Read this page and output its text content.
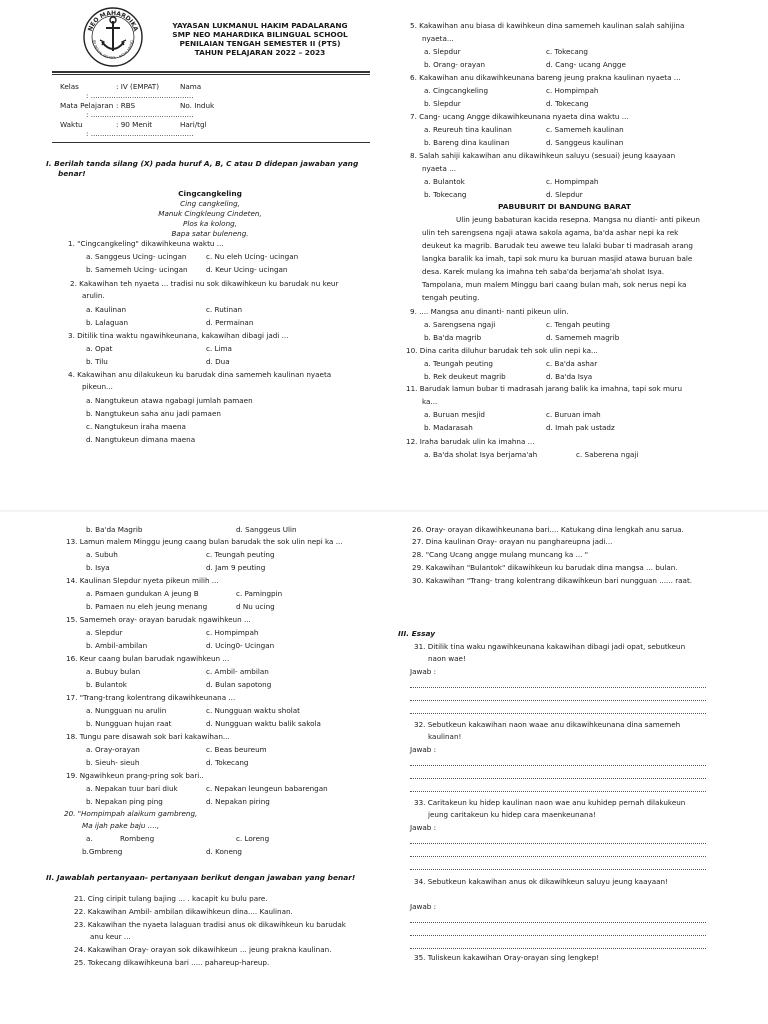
NEO MAHARDIKA
BILINGUAL SCHOOL · PADALARANG
YAYASAN LUKMANUL HAKIM PADALARANG
SMP NEO MAHARDIKA BILINGUAL SCHOOL
PENILAIAN TENGAH SEMESTER II (PTS)
TAHUN PELAJARAN 2022 – 2023
Kelas	: IV (EMPAT)	Nama
: .............................................
Mata Pelajaran : RBS	No. Induk
: .............................................
Waktu	: 90 Menit	Hari/tgl
: .............................................
I. Berilah tanda silang (X) pada huruf A, B, C atau D didepan jawaban yang
benar!
Cingcangkeling
Cing cangkeling,
Manuk Cingkleung Cindeten,
Plos ka kolong,
Bapa satar buleneng.
1. "Cingcangkeling" dikawihkeuna waktu ...
a. Sanggeus Ucing- ucingan	c. Nu eleh Ucing- ucingan
b. Samemeh Ucing- ucingan	d. Keur Ucing- ucingan
2. Kakawihan teh nyaeta ... tradisi nu sok dikawihkeun ku barudak nu keur
arulin.
a. Kaulinan	c. Rutinan
b. Lalaguan	d. Permainan
3. Ditilik tina waktu ngawihkeunana, kakawihan dibagi jadi ...
a. Opat	c. Lima
b. Tilu	d. Dua
4. Kakawihan anu dilakukeun ku barudak dina samemeh kaulinan nyaeta
pikeun...
a. Nangtukeun atawa ngabagi jumlah pamaen
b. Nangtukeun saha anu jadi pamaen
c. Nangtukeun iraha maena
d. Nangtukeun dimana maena
5. Kakawihan anu biasa di kawihkeun dina samemeh kaulinan salah sahijina
nyaeta...
a. Slepdur	c. Tokecang
b. Orang- orayan	d. Cang- ucang Angge
6. Kakawihan anu dikawihkeunana bareng jeung prakna kaulinan nyaeta ...
a. Cingcangkeling	c. Hompimpah
b. Slepdur	d. Tokecang
7. Cang- ucang Angge dikawihkeunana nyaeta dina waktu ...
a. Reureuh tina kaulinan	c. Samemeh kaulinan
b. Bareng dina kaulinan	d. Sanggeus kaulinan
8. Salah sahiji kakawihan anu dikawihkeun saluyu (sesuai) jeung kaayaan
nyaeta ...
a. Bulantok	c. Hompimpah
b. Tokecang	d. Slepdur
PABUBURIT DI BANDUNG BARAT
Ulin jeung babaturan kacida resepna. Mangsa nu dianti- anti pikeun
ulin teh sarengsena ngaji atawa sakola agama, ba'da ashar nepi ka rek
deukeut ka magrib. Barudak teu awewe teu lalaki bubar ti madrasah arang
langka baralik ka imah, tapi sok muru ka buruan masjid atawa buruan bale
desa. Karek mulang ka imahna teh saba'da berjama'ah sholat Isya.
Tampolana, mun malem Minggu bari caang bulan mah, sok nerus nepi ka
tengah peuting.
9. .... Mangsa anu dinanti- nanti pikeun ulin.
a. Sarengsena ngaji	c. Tengah peuting
b. Ba'da magrib	d. Samemeh magrib
10. Dina carita diluhur barudak teh sok ulin nepi ka...
a. Teungah peuting	c. Ba'da ashar
b. Rek deukeut magrib	d. Ba'da Isya
11. Barudak lamun bubar ti madrasah jarang balik ka imahna, tapi sok muru
ka...
a. Buruan mesjid	c. Buruan imah
b. Madarasah	d. Imah pak ustadz
12. Iraha barudak ulin ka imahna ...
a. Ba'da sholat Isya berjama'ah	c. Saberena ngaji
b. Ba'da Magrib	d. Sanggeus Ulin
13. Lamun malem Minggu jeung caang bulan barudak the sok ulin nepi ka ...
a. Subuh	c. Teungah peuting
b. Isya	d. Jam 9 peuting
14. Kaulinan Slepdur nyeta pikeun milih ...
a. Pamaen gundukan A jeung B	c. Pamingpin
b. Pamaen nu eleh jeung menang	d Nu ucing
15. Samemeh oray- orayan barudak ngawihkeun ...
a. Slepdur	c. Hompimpah
b. Ambil-ambilan	d. Ucing0- Ucingan
16. Keur caang bulan barudak ngawihkeun ...
a. Bubuy bulan	c. Ambil- ambilan
b. Bulantok	d. Bulan sapotong
17. "Trang-trang kolentrang dikawihkeunana ...
a. Nungguan nu arulin	c. Nungguan waktu sholat
b. Nungguan hujan raat	d. Nungguan waktu balik sakola
18. Tungu pare disawah sok bari kakawihan...
a. Oray-orayan	c. Beas beureum
b. Sieuh- sieuh	d. Tokecang
19. Ngawihkeun prang-pring sok bari..
a. Nepakan tuur bari diuk	c. Nepakan leungeun babarengan
b. Nepakan ping ping	d. Nepakan piring
20. "Hompimpah alaikum gambreng,
Ma ijah pake baju ....,
a.	Rombeng	c. Loreng
b.Gmbreng	d. Koneng
II. Jawablah pertanyaan- pertanyaan berikut dengan jawaban yang benar!
21. Cing ciripit tulang bajing ... . kacapit ku bulu pare.
22. Kakawihan Ambil- ambilan dikawihkeun dina.... Kaulinan.
23. Kakawihan the nyaeta lalaguan tradisi anus ok dikawihkeun ku barudak
anu keur ...
24. Kakawihan Oray- orayan sok dikawihkeun ... jeung prakna kaulinan.
25. Tokecang dikawihkeuna bari ..... pahareup-hareup.
26. Oray- orayan dikawihkeunana bari.... Katukang dina lengkah anu sarua.
27. Dina kaulinan Oray- orayan nu panghareupna jadi...
28. "Cang Ucang angge mulang muncang ka ... "
29. Kakawihan "Bulantok" dikawihkeun ku barudak dina mangsa ... bulan.
30. Kakawihan "Trang- trang kolentrang dikawihkeun bari nungguan ...... raat.
III. Essay
31. Ditilik tina waku ngawihkeunana kakawihan dibagi jadi opat, sebutkeun
naon wae!
Jawab :
32. Sebutkeun kakawihan naon waae anu dikawihkeunana dina samemeh
kaulinan!
Jawab :
33. Caritakeun ku hidep kaulinan naon wae anu kuhidep pernah dilakukeun
jeung caritakeun ku hidep cara maenkeunana!
Jawab :
34. Sebutkeun kakawihan anus ok dikawihkeun saluyu jeung kaayaan!
Jawab :
35. Tuliskeun kakawihan Oray-orayan sing lengkep!
